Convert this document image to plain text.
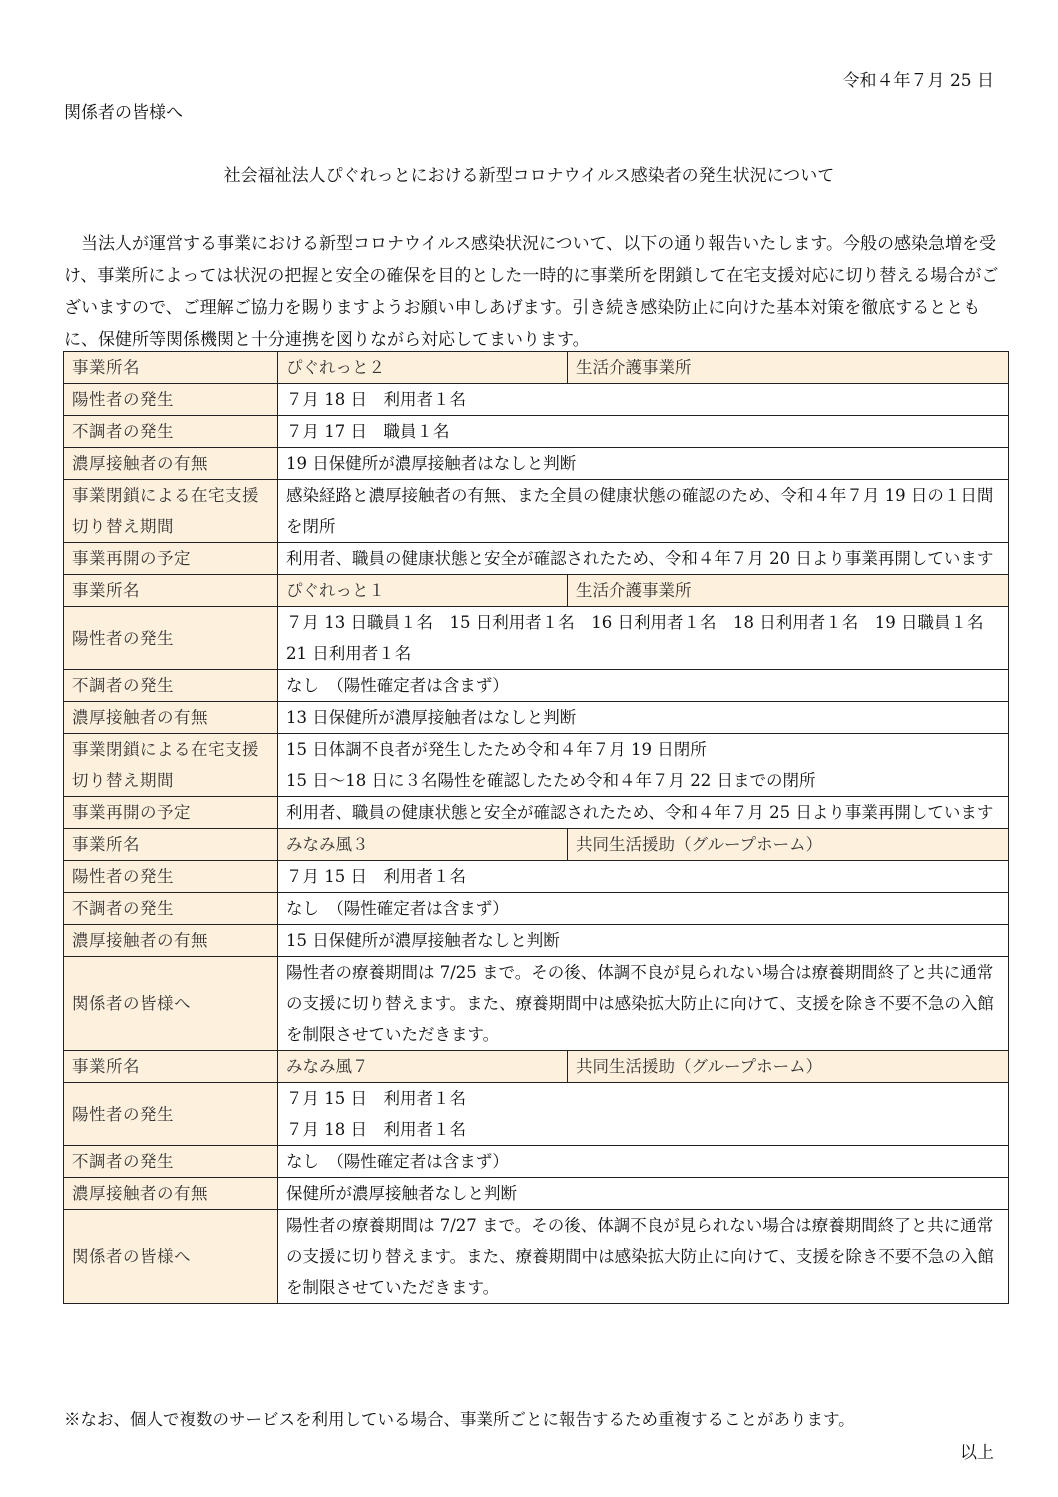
令和４年７月 25 日
関係者の皆様へ
社会福祉法人ぴぐれっとにおける新型コロナウイルス感染者の発生状況について
　当法人が運営する事業における新型コロナウイルス感染状況について、以下の通り報告いたします。今般の感染急増を受け、事業所によっては状況の把握と安全の確保を目的とした一時的に事業所を閉鎖して在宅支援対応に切り替える場合がございますので、ご理解ご協力を賜りますようお願い申しあげます。引き続き感染防止に向けた基本対策を徹底するとともに、保健所等関係機関と十分連携を図りながら対応してまいります。
事業所名	ぴぐれっと２	生活介護事業所
陽性者の発生	７月 18 日　利用者１名	

不調者の発生	７月 17 日　職員１名	

濃厚接触者の有無	19 日保健所が濃厚接触者はなしと判断	

事業閉鎖による在宅支援切り替え期間	感染経路と濃厚接触者の有無、また全員の健康状態の確認のため、令和４年７月 19 日の１日間を閉所	

事業再開の予定	利用者、職員の健康状態と安全が確認されたため、令和４年７月 20 日より事業再開しています	

事業所名	ぴぐれっと１	生活介護事業所
陽性者の発生	７月 13 日職員１名　15 日利用者１名　16 日利用者１名　18 日利用者１名　19 日職員１名　21 日利用者１名	

不調者の発生	なし　（陽性確定者は含まず）	

濃厚接触者の有無	13 日保健所が濃厚接触者はなしと判断	

事業閉鎖による在宅支援切り替え期間	15 日体調不良者が発生したため令和４年７月 19 日閉所
15 日～18 日に３名陽性を確認したため令和４年７月 22 日までの閉所	

事業再開の予定	利用者、職員の健康状態と安全が確認されたため、令和４年７月 25 日より事業再開しています	

事業所名	みなみ風３	共同生活援助（グループホーム）
陽性者の発生	７月 15 日　利用者１名	

不調者の発生	なし　（陽性確定者は含まず）	

濃厚接触者の有無	15 日保健所が濃厚接触者なしと判断	

関係者の皆様へ	陽性者の療養期間は 7/25 まで。その後、体調不良が見られない場合は療養期間終了と共に通常の支援に切り替えます。また、療養期間中は感染拡大防止に向けて、支援を除き不要不急の入館を制限させていただきます。	

事業所名	みなみ風７	共同生活援助（グループホーム）
陽性者の発生	７月 15 日　利用者１名
７月 18 日　利用者１名	

不調者の発生	なし　（陽性確定者は含まず）	

濃厚接触者の有無	保健所が濃厚接触者なしと判断	

関係者の皆様へ	陽性者の療養期間は 7/27 まで。その後、体調不良が見られない場合は療養期間終了と共に通常の支援に切り替えます。また、療養期間中は感染拡大防止に向けて、支援を除き不要不急の入館を制限させていただきます。	
※なお、個人で複数のサービスを利用している場合、事業所ごとに報告するため重複することがあります。
以上
